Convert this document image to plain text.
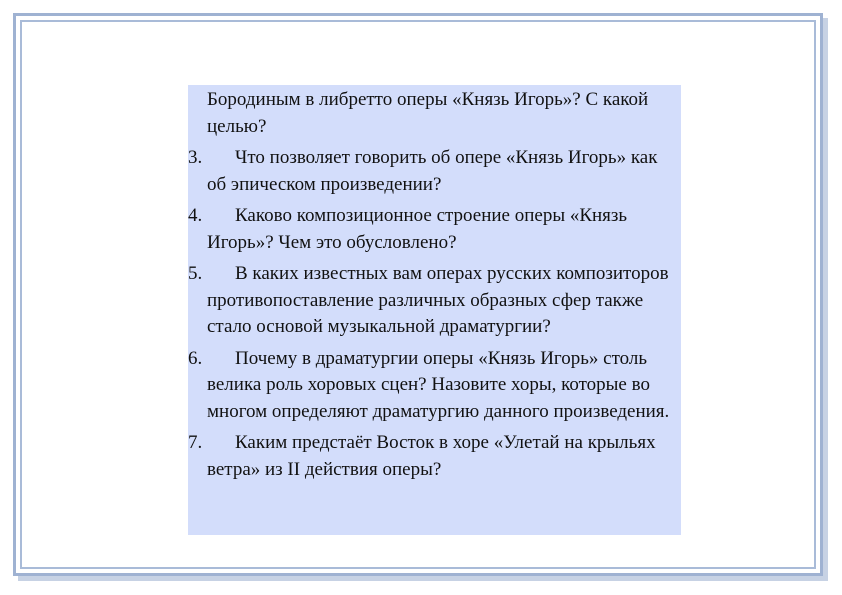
Бородиным в либретто оперы «Князь Игорь»? С какой целью?
3. Что позволяет говорить об опере «Князь Игорь» как об эпическом произведении?
4. Каково композиционное строение оперы «Князь Игорь»? Чем это обусловлено?
5. В каких известных вам операх русских композиторов противопоставление различных образных сфер также стало основой музыкальной драматургии?
6. Почему в драматургии оперы «Князь Игорь» столь велика роль хоровых сцен? Назовите хоры, которые во многом определяют драматургию данного произведения.
7. Каким предстаёт Восток в хоре «Улетай на крыльях ветра» из II действия оперы?
